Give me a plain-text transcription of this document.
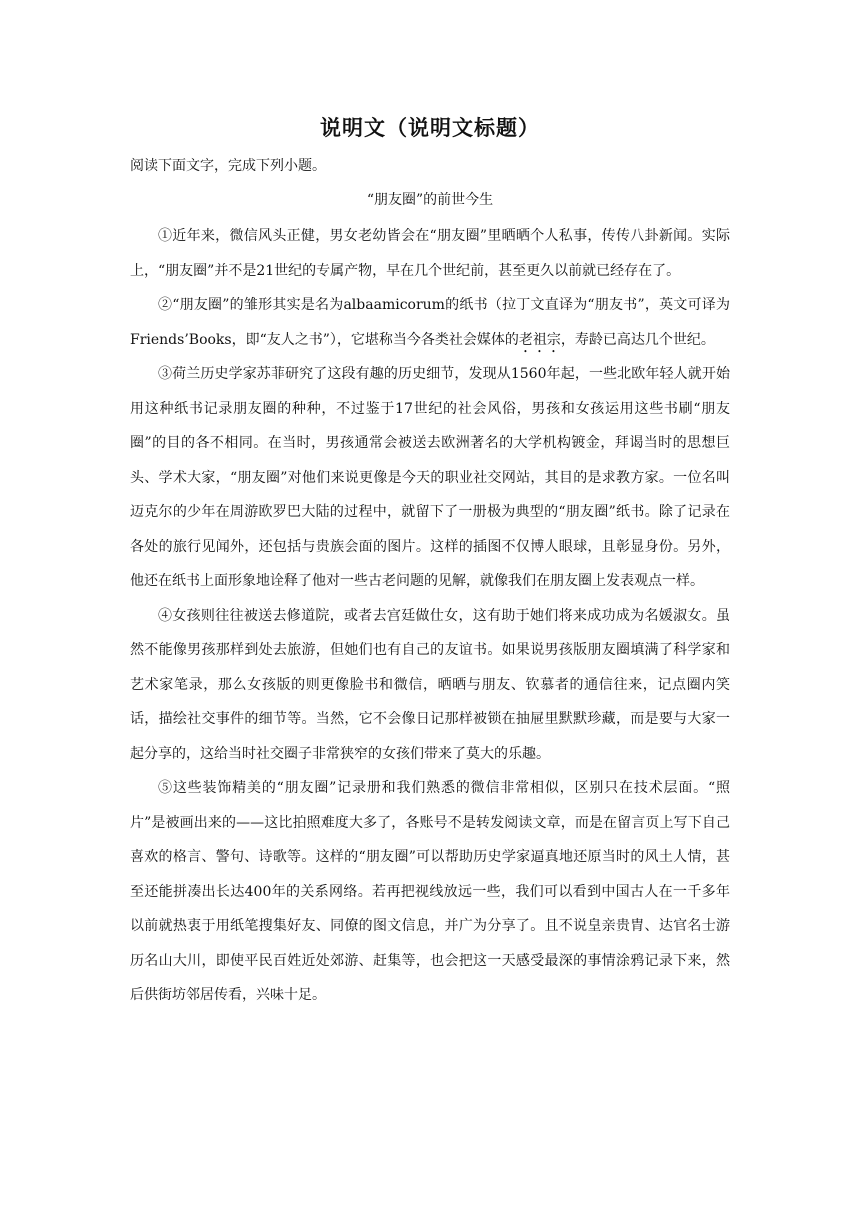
说明文（说明文标题）
阅读下面文字，完成下列小题。
“朋友圈”的前世今生

①近年来，微信风头正健，男女老幼皆会在“朋友圈”里晒晒个人私事，传传八卦新闻。实际上，“朋友圈”并不是21世纪的专属产物，早在几个世纪前，甚至更久以前就已经存在了。

②“朋友圈”的雏形其实是名为albaamicorum的纸书（拉丁文直译为“朋友书”，英文可译为Friends’Books，即“友人之书”），它堪称当今各类社会媒体的老祖宗，寿龄已高达几个世纪。

③荷兰历史学家苏菲研究了这段有趣的历史细节，发现从1560年起，一些北欧年轻人就开始用这种纸书记录朋友圈的种种，不过鉴于17世纪的社会风俗，男孩和女孩运用这些书刷“朋友圈”的目的各不相同。在当时，男孩通常会被送去欧洲著名的大学机构镀金，拜谒当时的思想巨头、学术大家，“朋友圈”对他们来说更像是今天的职业社交网站，其目的是求教方家。一位名叫迈克尔的少年在周游欧罗巴大陆的过程中，就留下了一册极为典型的“朋友圈”纸书。除了记录在各处的旅行见闻外，还包括与贵族会面的图片。这样的插图不仅博人眼球，且彰显身份。另外，他还在纸书上面形象地诠释了他对一些古老问题的见解，就像我们在朋友圈上发表观点一样。

④女孩则往往被送去修道院，或者去宫廷做仕女，这有助于她们将来成功成为名媛淑女。虽然不能像男孩那样到处去旅游，但她们也有自己的友谊书。如果说男孩版朋友圈填满了科学家和艺术家笔录，那么女孩版的则更像脸书和微信，晒晒与朋友、钦慕者的通信往来，记点圈内笑话，描绘社交事件的细节等。当然，它不会像日记那样被锁在抽屉里默默珍藏，而是要与大家一起分享的，这给当时社交圈子非常狭窄的女孩们带来了莫大的乐趣。

⑤这些装饰精美的“朋友圈”记录册和我们熟悉的微信非常相似，区别只在技术层面。“照片”是被画出来的——这比拍照难度大多了，各账号不是转发阅读文章，而是在留言页上写下自己喜欢的格言、警句、诗歌等。这样的“朋友圈”可以帮助历史学家逼真地还原当时的风土人情，甚至还能拼凑出长达400年的关系网络。若再把视线放远一些，我们可以看到中国古人在一千多年以前就热衷于用纸笔搜集好友、同僚的图文信息，并广为分享了。且不说皇亲贵胄、达官名士游历名山大川，即使平民百姓近处郊游、赶集等，也会把这一天感受最深的事情涂鸦记录下来，然后供街坊邻居传看，兴味十足。
